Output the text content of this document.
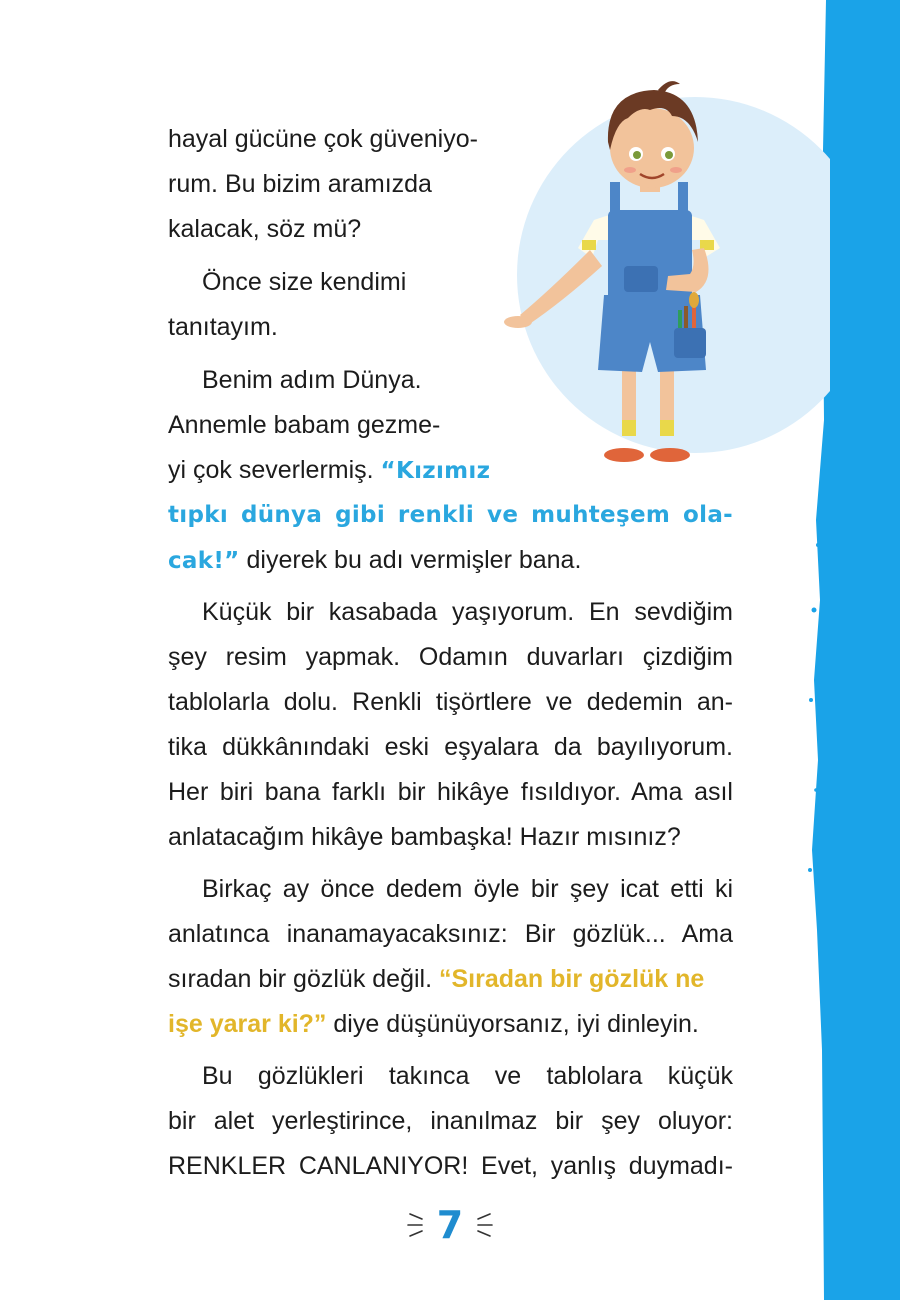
hayal gücüne çok güveniyo-
rum. Bu bizim aramızda
kalacak, söz mü?
Önce size kendimi
tanıtayım.
Benim adım Dünya.
Annemle babam gezme-
yi çok severlermiş. “Kızımız
tıpkı dünya gibi renkli ve muhteşem ola-
cak!” diyerek bu adı vermişler bana.
Küçük bir kasabada yaşıyorum. En sevdiğim
şey resim yapmak. Odamın duvarları çizdiğim
tablolarla dolu. Renkli tişörtlere ve dedemin an-
tika dükkânındaki eski eşyalara da bayılıyorum.
Her biri bana farklı bir hikâye fısıldıyor. Ama asıl
anlatacağım hikâye bambaşka! Hazır mısınız?
Birkaç ay önce dedem öyle bir şey icat etti ki
anlatınca inanamayacaksınız: Bir gözlük... Ama
sıradan bir gözlük değil. “Sıradan bir gözlük ne
işe yarar ki?” diye düşünüyorsanız, iyi dinleyin.
Bu gözlükleri takınca ve tablolara küçük
bir alet yerleştirince, inanılmaz bir şey oluyor:
RENKLER CANLANIYOR! Evet, yanlış duymadı-
7
